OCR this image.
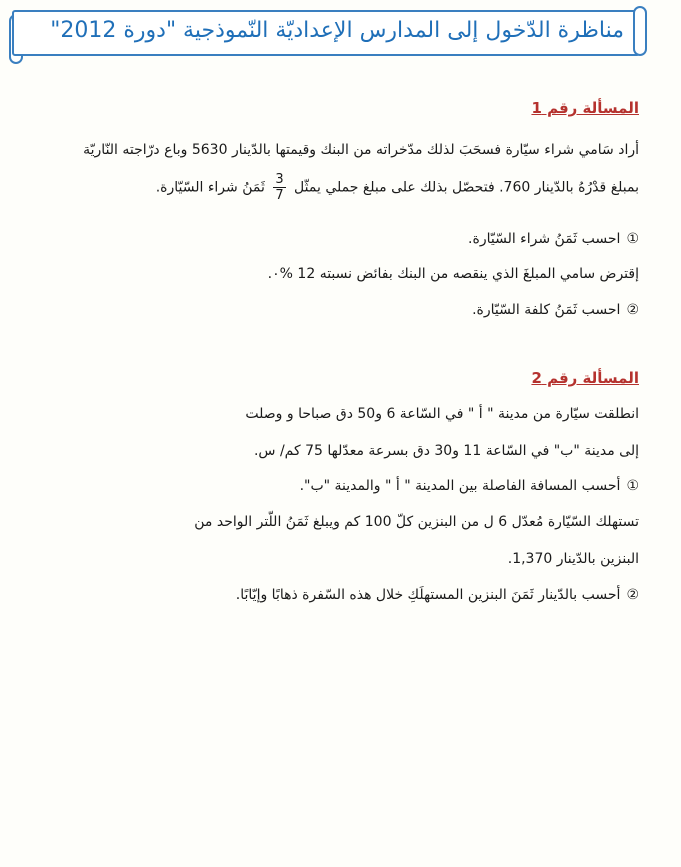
مناظرة الدّخول إلى المدارس الإعداديّة النّموذجية "دورة 2012"
المسألة رقم 1
أراد سَامي شراء سيّارة فسحَبَ لذلك مدّخراته من البنك وقيمتها بالدّينار 5630 وباع درّاجته النّاريّة
بمبلغ قدْرُهُ بالدّينار 760. فتحصّل بذلك على مبلغ جملي يمثّل
$\frac{3}{7}$
ثَمَنُ شراء السّيّارة.
①احسب ثَمَنُ شراء السّيّارة.
إقترض سامي المبلغَ الذي ينقصه من البنك بفائض نسبته 12 %٠.
②احسب ثَمَنُ كلفة السّيّارة.
المسألة رقم 2
انطلقت سيّارة من مدينة " أ " في السّاعة 6 و50 دق صباحا و وصلت
إلى مدينة "ب" في السّاعة 11 و30 دق بسرعة معدّلها 75 كم/ س.
①أحسب المسافة الفاصلة بين المدينة " أ " والمدينة "ب".
تستهلك السّيّارة مُعدّل 6 ل من البنزين كلّ 100 كم ويبلغ ثَمَنُ اللّتر الواحد من
البنزين بالدّينار 1,370.
②أحسب بالدّينار ثَمَنَ البنزين المستهلَكِ خلال هذه السّفرة ذهابًا وإيّابًا.
